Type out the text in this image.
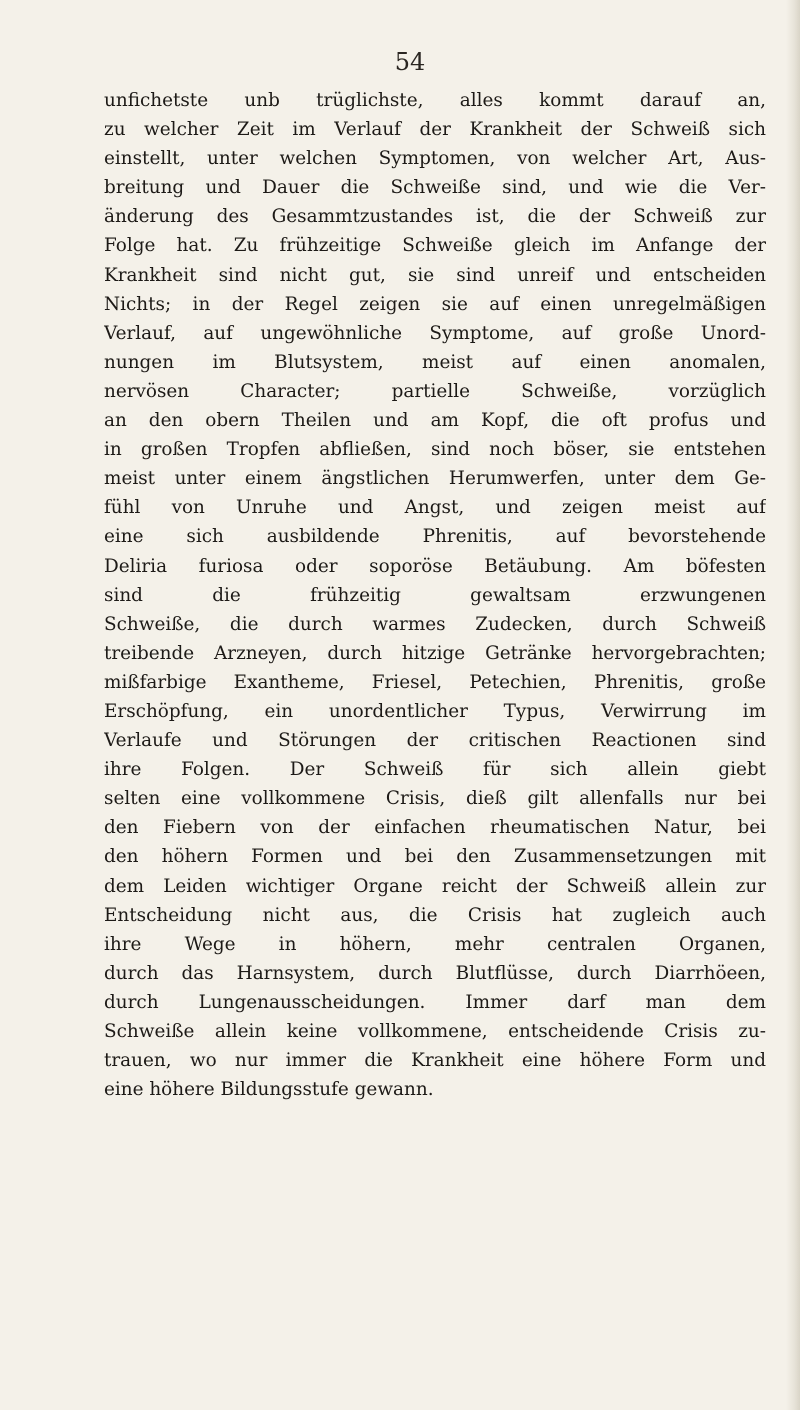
54
unfichetste unb trüglichste, alles kommt darauf an,
zu welcher Zeit im Verlauf der Krankheit der Schweiß sich
einstellt, unter welchen Symptomen, von welcher Art, Aus-
breitung und Dauer die Schweiße sind, und wie die Ver-
änderung des Gesammtzustandes ist, die der Schweiß zur
Folge hat. Zu frühzeitige Schweiße gleich im Anfange der
Krankheit sind nicht gut, sie sind unreif und entscheiden
Nichts; in der Regel zeigen sie auf einen unregelmäßigen
Verlauf, auf ungewöhnliche Symptome, auf große Unord-
nungen im Blutsystem, meist auf einen anomalen,
nervösen Character; partielle Schweiße, vorzüglich
an den obern Theilen und am Kopf, die oft profus und
in großen Tropfen abfließen, sind noch böser, sie entstehen
meist unter einem ängstlichen Herumwerfen, unter dem Ge-
fühl von Unruhe und Angst, und zeigen meist auf
eine sich ausbildende Phrenitis, auf bevorstehende
Deliria furiosa oder soporöse Betäubung. Am böfesten
sind die frühzeitig gewaltsam erzwungenen
Schweiße, die durch warmes Zudecken, durch Schweiß
treibende Arzneyen, durch hitzige Getränke hervorgebrachten;
mißfarbige Exantheme, Friesel, Petechien, Phrenitis, große
Erschöpfung, ein unordentlicher Typus, Verwirrung im
Verlaufe und Störungen der critischen Reactionen sind
ihre Folgen. Der Schweiß für sich allein giebt
selten eine vollkommene Crisis, dieß gilt allenfalls nur bei
den Fiebern von der einfachen rheumatischen Natur, bei
den höhern Formen und bei den Zusammensetzungen mit
dem Leiden wichtiger Organe reicht der Schweiß allein zur
Entscheidung nicht aus, die Crisis hat zugleich auch
ihre Wege in höhern, mehr centralen Organen,
durch das Harnsystem, durch Blutflüsse, durch Diarrhöeen,
durch Lungenausscheidungen. Immer darf man dem
Schweiße allein keine vollkommene, entscheidende Crisis zu-
trauen, wo nur immer die Krankheit eine höhere Form und
eine höhere Bildungsstufe gewann.
